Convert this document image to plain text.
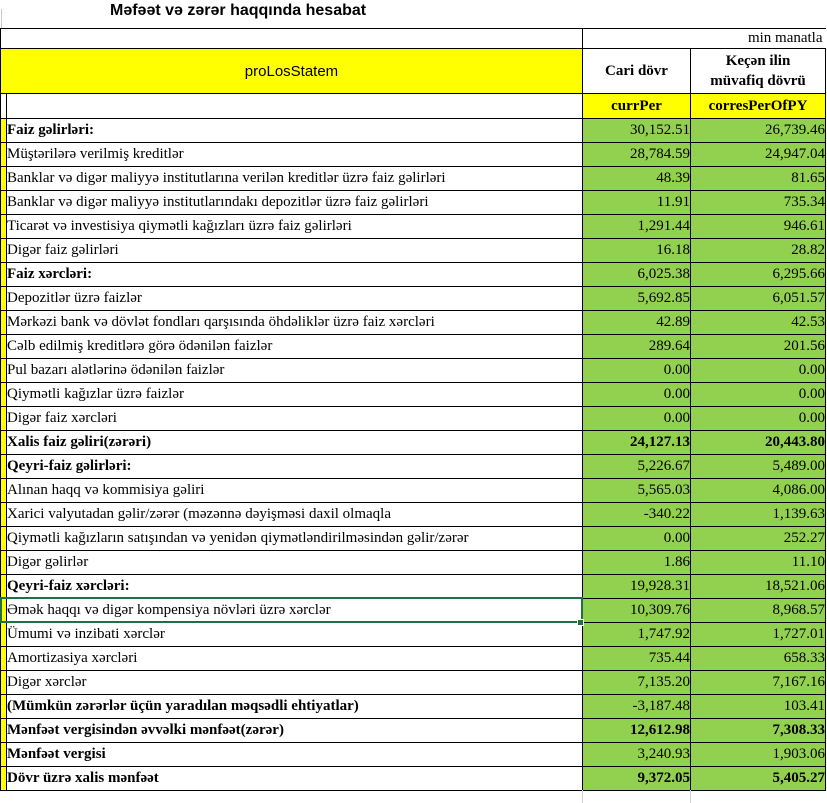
Məfəət və zərər haqqında hesabat
		min manatla	
proLosStatem		Cari dövr	Keçən ilin
müvafiq dövrü
		currPer	corresPerOfPY
	Faiz gəlirləri:	30,152.51	26,739.46
	Müştərilərə verilmiş kreditlər	28,784.59	24,947.04
	Banklar və digər maliyyə institutlarına verilən kreditlər üzrə faiz gəlirləri	48.39	81.65
	Banklar və digər maliyyə institutlarındakı depozitlər üzrə faiz gəlirləri	11.91	735.34
	Ticarət və investisiya qiymətli kağızları üzrə faiz gəlirləri	1,291.44	946.61
	Digər faiz gəlirləri	16.18	28.82
	Faiz xərcləri:	6,025.38	6,295.66
	Depozitlər üzrə faizlər	5,692.85	6,051.57
	Mərkəzi bank və dövlət fondları qarşısında öhdəliklər üzrə faiz xərcləri	42.89	42.53
	Cəlb edilmiş kreditlərə görə ödənilən faizlər	289.64	201.56
	Pul bazarı alətlərinə ödənilən faizlər	0.00	0.00
	Qiymətli kağızlar üzrə faizlər	0.00	0.00
	Digər faiz xərcləri	0.00	0.00
	Xalis faiz gəliri(zərəri)	24,127.13	20,443.80
	Qeyri-faiz gəlirləri:	5,226.67	5,489.00
	Alınan haqq və kommisiya gəliri	5,565.03	4,086.00
	Xarici valyutadan gəlir/zərər (məzənnə dəyişməsi daxil olmaqla	-340.22	1,139.63
	Qiymətli kağızların satışından və yenidən qiymətləndirilməsindən gəlir/zərər	0.00	252.27
	Digər gəlirlər	1.86	11.10
	Qeyri-faiz xərcləri:	19,928.31	18,521.06
	Əmək haqqı və digər kompensiya növləri üzrə xərclər	10,309.76	8,968.57
	Ümumi və inzibati xərclər	1,747.92	1,727.01
	Amortizasiya xərcləri	735.44	658.33
	Digər xərclər	7,135.20	7,167.16
	(Mümkün zərərlər üçün yaradılan məqsədli ehtiyatlar)	-3,187.48	103.41
	Mənfəət vergisindən əvvəlki mənfəət(zərər)	12,612.98	7,308.33
	Mənfəət vergisi	3,240.93	1,903.06
	Dövr üzrə xalis mənfəət	9,372.05	5,405.27
